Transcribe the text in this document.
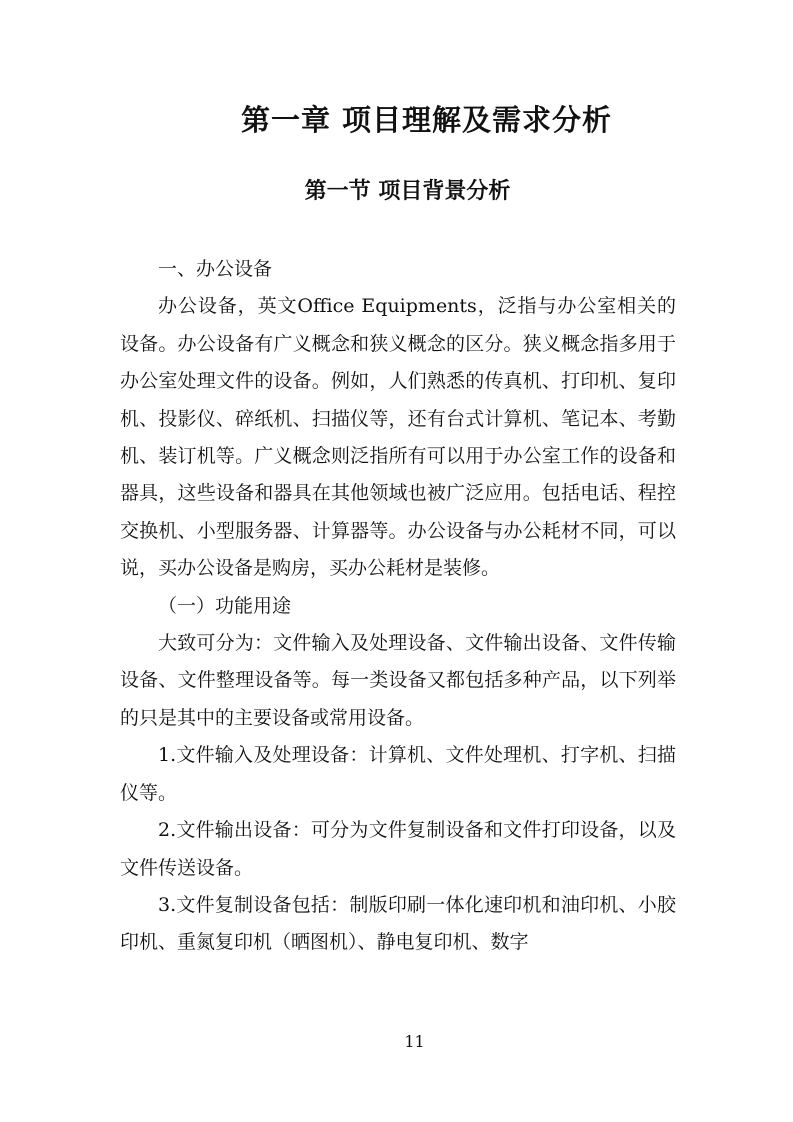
第一章 项目理解及需求分析
第一节 项目背景分析

一、办公设备

办公设备，英文Office Equipments，泛指与办公室相关的设备。办公设备有广义概念和狭义概念的区分。狭义概念指多用于办公室处理文件的设备。例如，人们熟悉的传真机、打印机、复印机、投影仪、碎纸机、扫描仪等，还有台式计算机、笔记本、考勤机、装订机等。广义概念则泛指所有可以用于办公室工作的设备和器具，这些设备和器具在其他领域也被广泛应用。包括电话、程控交换机、小型服务器、计算器等。办公设备与办公耗材不同，可以说，买办公设备是购房，买办公耗材是装修。

（一）功能用途

大致可分为：文件输入及处理设备、文件输出设备、文件传输设备、文件整理设备等。每一类设备又都包括多种产品，以下列举的只是其中的主要设备或常用设备。

1.文件输入及处理设备：计算机、文件处理机、打字机、扫描仪等。

2.文件输出设备：可分为文件复制设备和文件打印设备，以及文件传送设备。

3.文件复制设备包括：制版印刷一体化速印机和油印机、小胶印机、重氮复印机（晒图机）、静电复印机、数字

11
